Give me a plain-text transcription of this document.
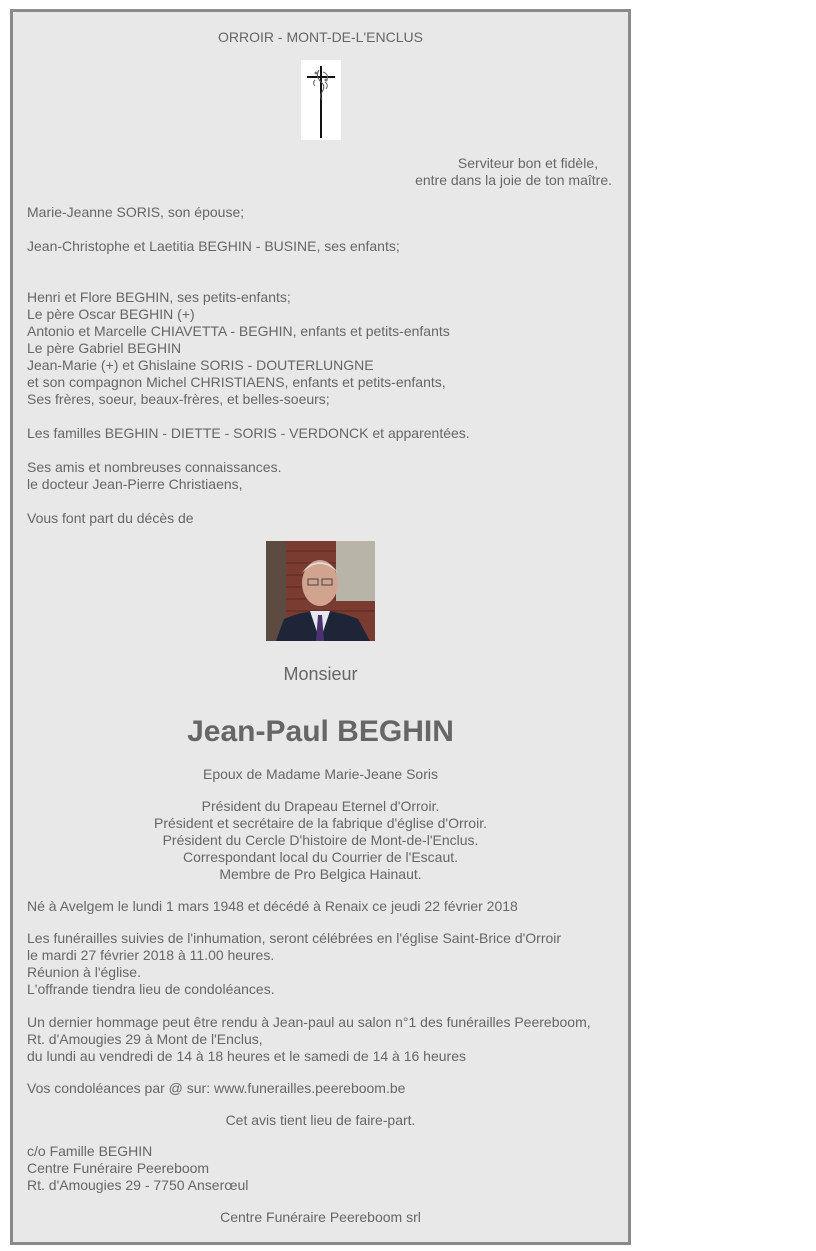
ORROIR - MONT-DE-L'ENCLUS
Serviteur bon et fidèle,
entre dans la joie de ton maître.
Marie-Jeanne SORIS, son épouse;
Jean-Christophe et Laetitia BEGHIN - BUSINE, ses enfants;
Henri et Flore BEGHIN, ses petits-enfants;
Le père Oscar BEGHIN (+)
Antonio et Marcelle CHIAVETTA - BEGHIN, enfants et petits-enfants
Le père Gabriel BEGHIN
Jean-Marie (+) et Ghislaine SORIS - DOUTERLUNGNE
et son compagnon Michel CHRISTIAENS, enfants et petits-enfants,
Ses frères, soeur, beaux-frères, et belles-soeurs;
Les familles BEGHIN - DIETTE - SORIS - VERDONCK et apparentées.
Ses amis et nombreuses connaissances.
le docteur Jean-Pierre Christiaens,
Vous font part du décès de
Monsieur
Jean-Paul BEGHIN
Epoux de Madame Marie-Jeane Soris
Président du Drapeau Eternel d'Orroir.
Président et secrétaire de la fabrique d'église d'Orroir.
Président du Cercle D'histoire de Mont-de-l'Enclus.
Correspondant local du Courrier de l'Escaut.
Membre de Pro Belgica Hainaut.
Né à Avelgem le lundi 1 mars 1948 et décédé à Renaix ce jeudi 22 février 2018
Les funérailles suivies de l'inhumation, seront célébrées en l'église Saint-Brice d'Orroir
le mardi 27 février 2018 à 11.00 heures.
Réunion à l'église.
L'offrande tiendra lieu de condoléances.
Un dernier hommage peut être rendu à Jean-paul au salon n°1 des funérailles Peereboom,
Rt. d'Amougies 29 à Mont de l'Enclus,
du lundi au vendredi de 14 à 18 heures et le samedi de 14 à 16 heures
Vos condoléances par @ sur: www.funerailles.peereboom.be
Cet avis tient lieu de faire-part.
c/o Famille BEGHIN
Centre Funéraire Peereboom
Rt. d'Amougies 29 - 7750 Anserœul
Centre Funéraire Peereboom srl
